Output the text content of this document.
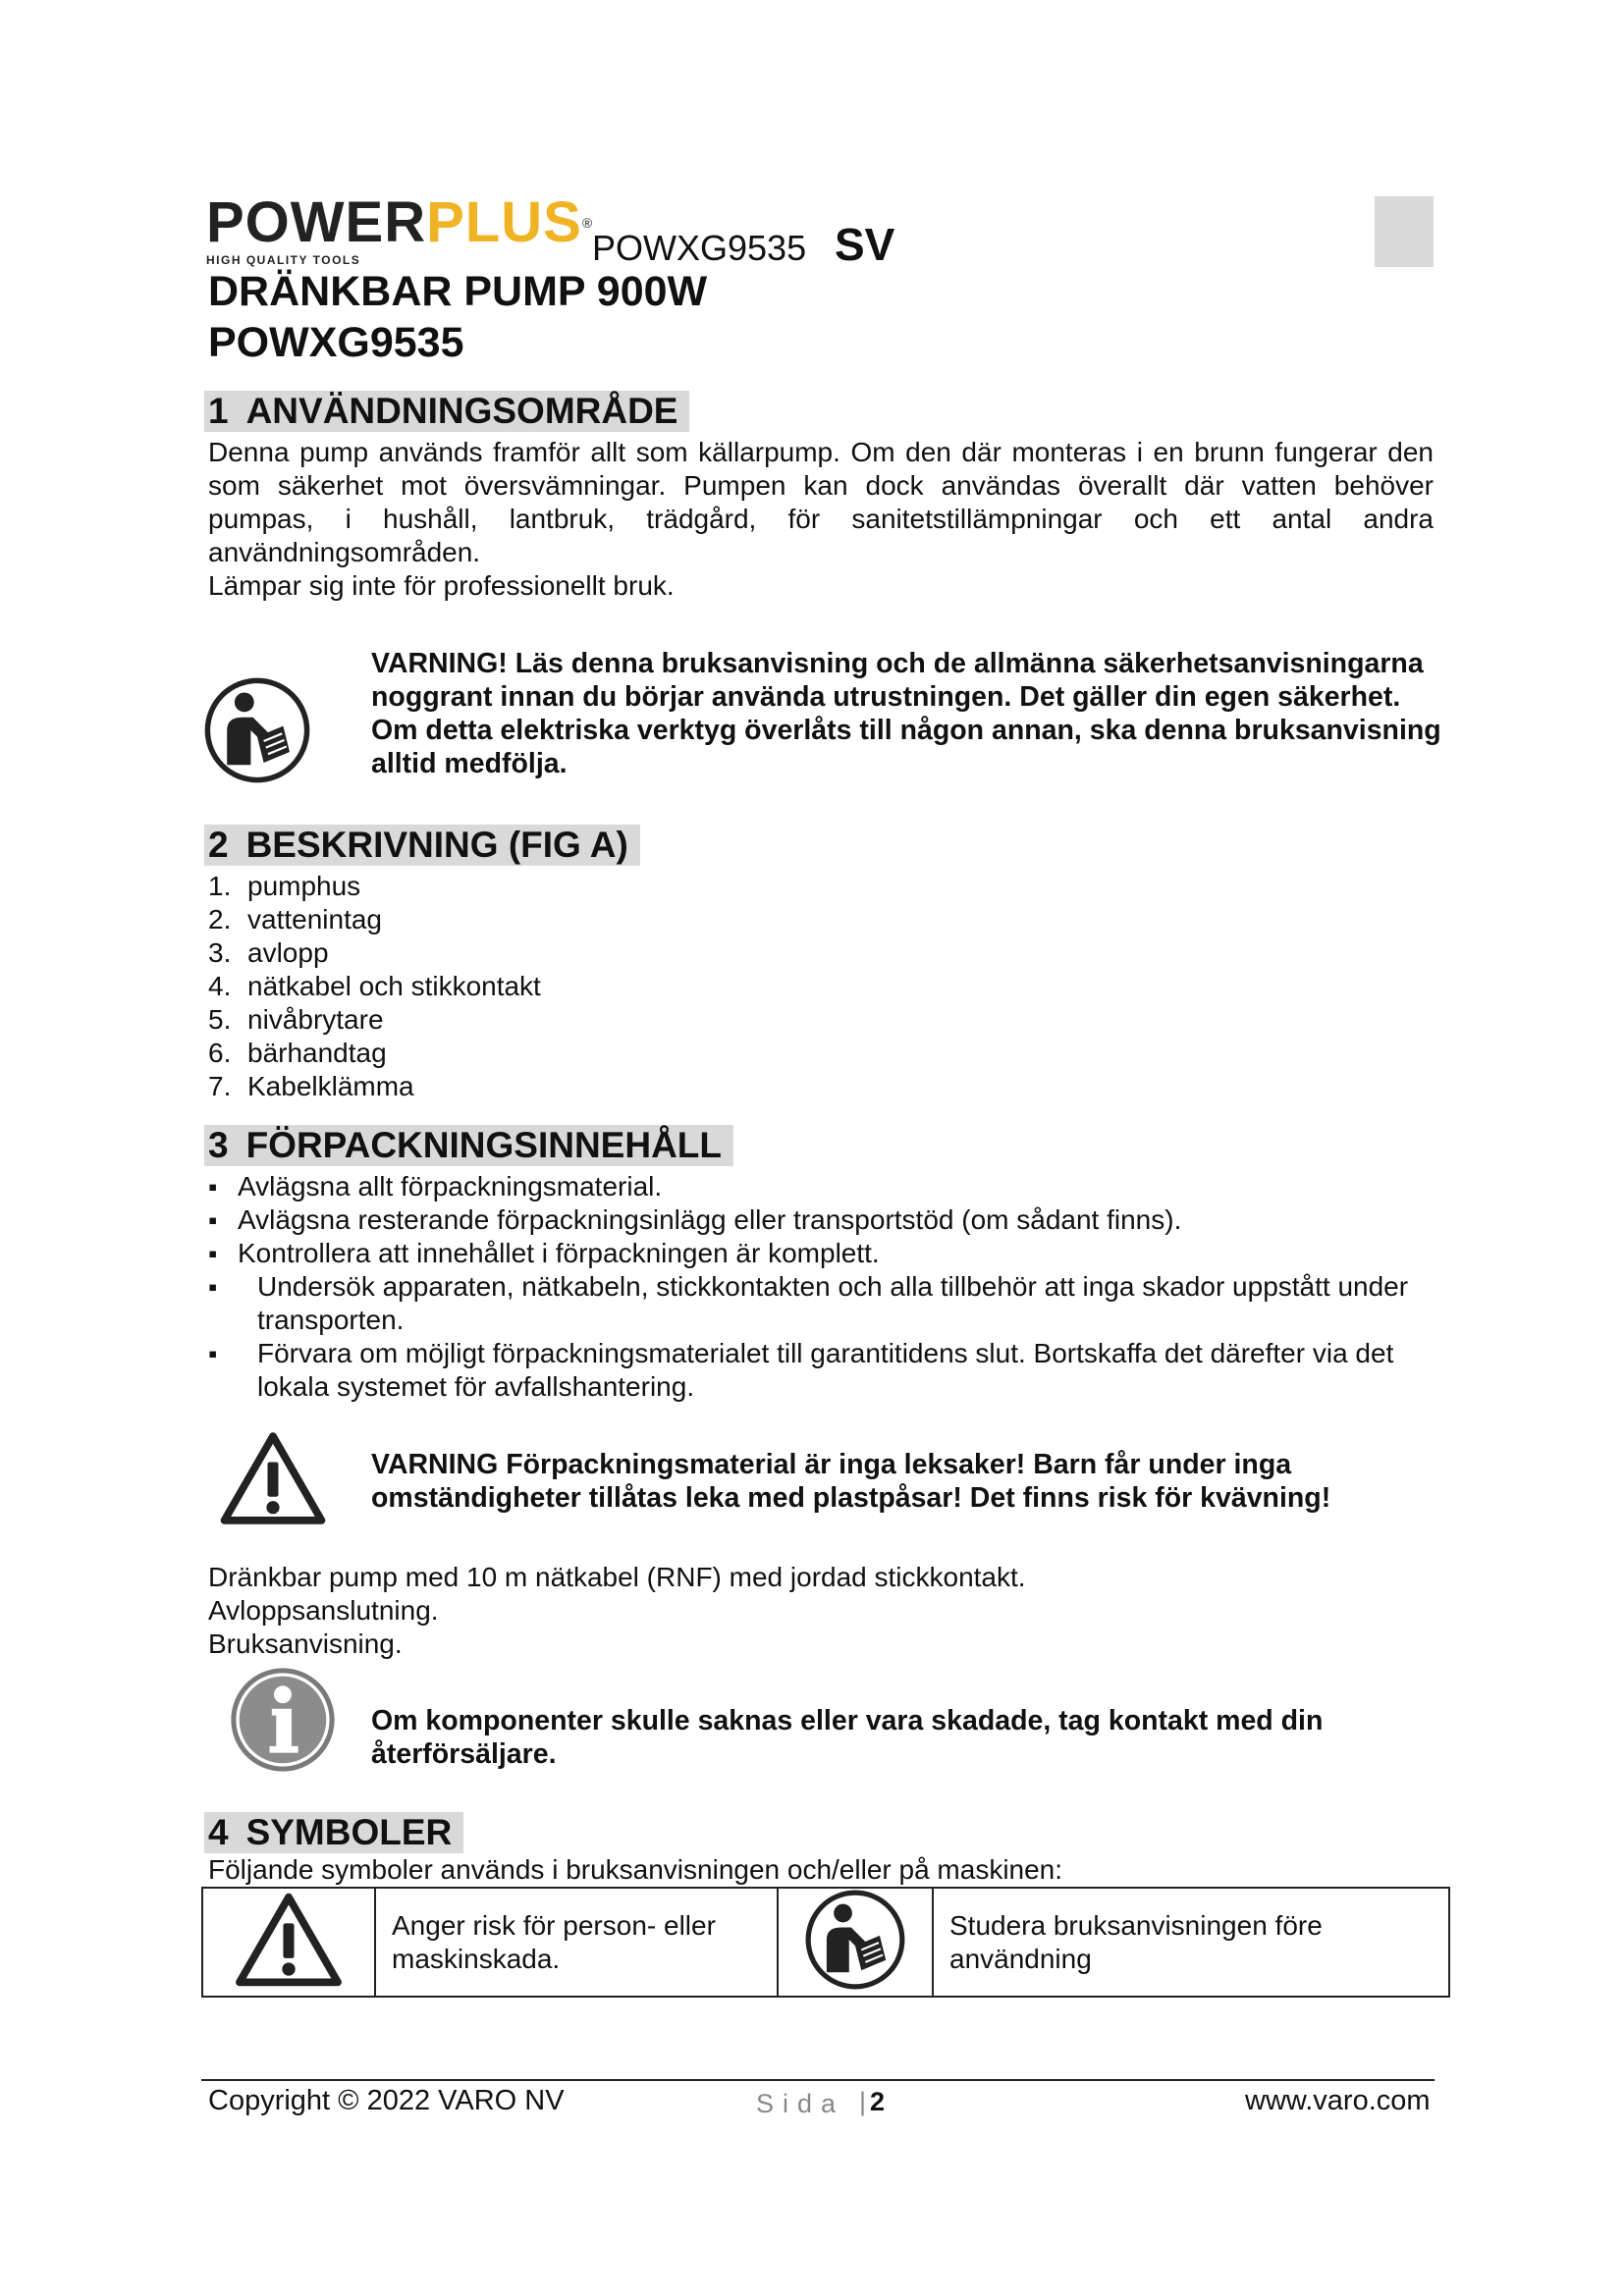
POWERPLUS®
HIGH QUALITY TOOLS	POWXG9535 SV
DRÄNKBAR PUMP 900W
POWXG9535
1 ANVÄNDNINGSOMRÅDE
Denna pump används framför allt som källarpump. Om den där monteras i en brunn fungerar den som säkerhet mot översvämningar. Pumpen kan dock användas överallt där vatten behöver pumpas, i hushåll, lantbruk, trädgård, för sanitetstillämpningar och ett antal andra användningsområden.
Lämpar sig inte för professionellt bruk.
VARNING! Läs denna bruksanvisning och de allmänna säkerhetsanvisningarna noggrant innan du börjar använda utrustningen. Det gäller din egen säkerhet. Om detta elektriska verktyg överlåts till någon annan, ska denna bruksanvisning alltid medfölja.
2 BESKRIVNING (FIG A)
1. pumphus
2. vattenintag
3. avlopp
4. nätkabel och stikkontakt
5. nivåbrytare
6. bärhandtag
7. Kabelklämma
3 FÖRPACKNINGSINNEHÅLL
▪ Avlägsna allt förpackningsmaterial.
▪ Avlägsna resterande förpackningsinlägg eller transportstöd (om sådant finns).
▪ Kontrollera att innehållet i förpackningen är komplett.
▪ Undersök apparaten, nätkabeln, stickkontakten och alla tillbehör att inga skador uppstått under transporten.
▪ Förvara om möjligt förpackningsmaterialet till garantitidens slut. Bortskaffa det därefter via det lokala systemet för avfallshantering.
VARNING Förpackningsmaterial är inga leksaker! Barn får under inga omständigheter tillåtas leka med plastpåsar! Det finns risk för kvävning!
Dränkbar pump med 10 m nätkabel (RNF) med jordad stickkontakt.
Avloppsanslutning.
Bruksanvisning.
Om komponenter skulle saknas eller vara skadade, tag kontakt med din återförsäljare.
4 SYMBOLER
Följande symboler används i bruksanvisningen och/eller på maskinen:
	Anger risk för person- eller maskinskada.		Studera bruksanvisningen före användning
Copyright © 2022 VARO NV	Sida | 2	www.varo.com
